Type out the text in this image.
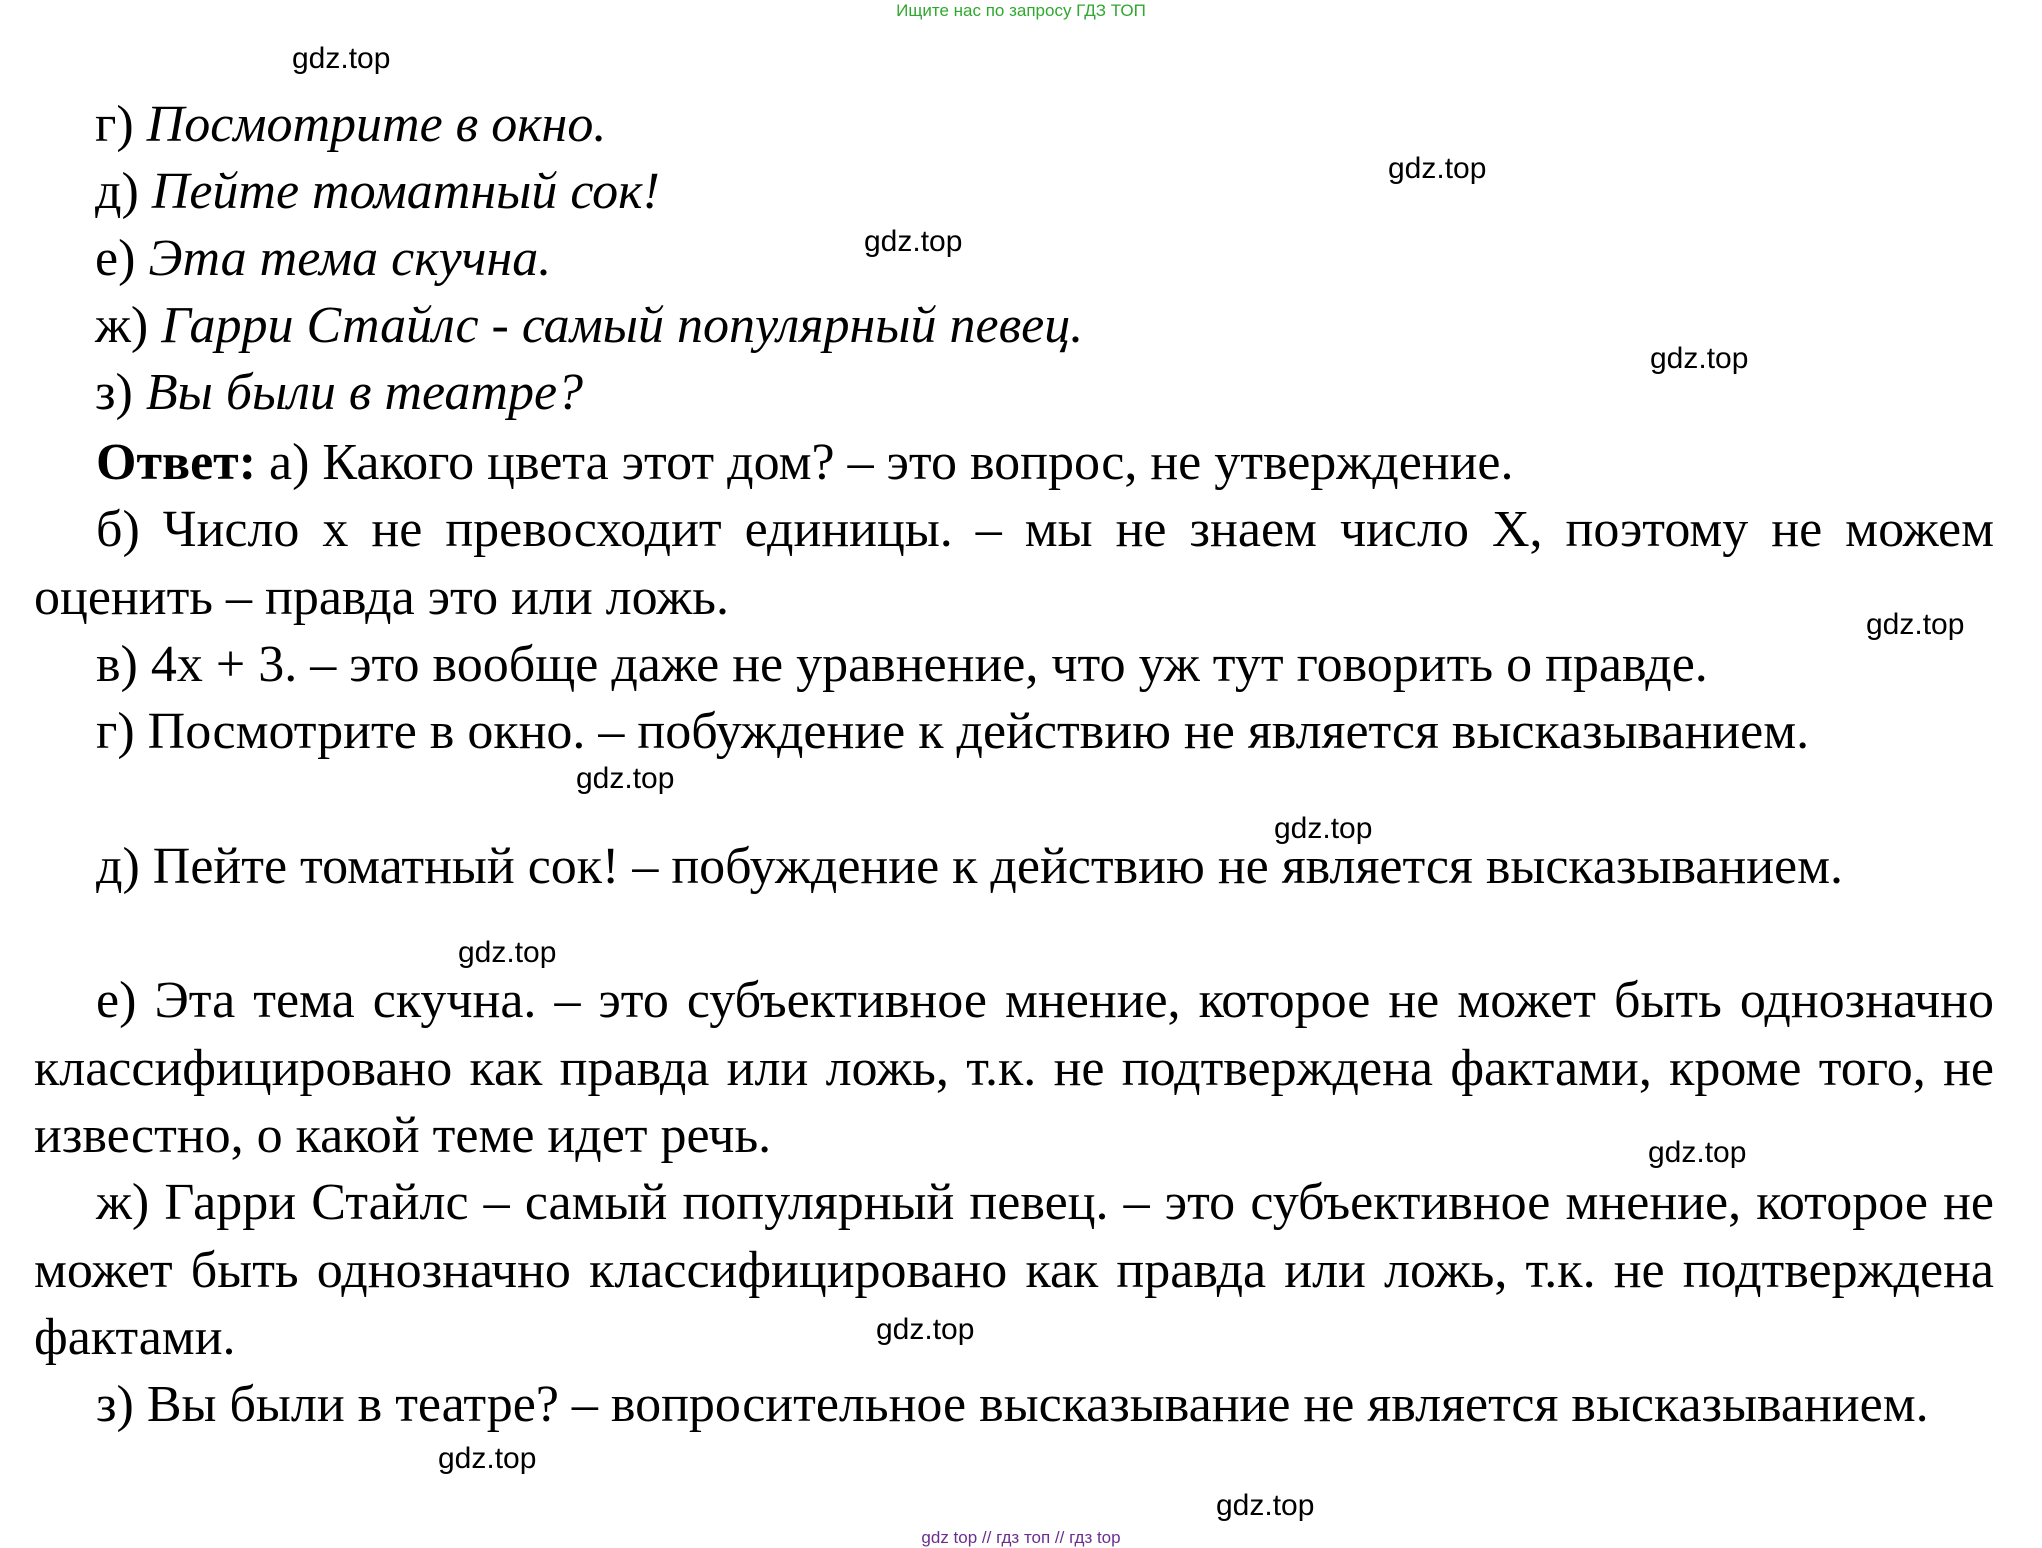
Ищите нас по запросу ГДЗ ТОП
г) Посмотрите в окно.
д) Пейте томатный сок!
е) Эта тема скучна.
ж) Гарри Стайлс - самый популярный певец.
з) Вы были в театре?
Ответ: а) Какого цвета этот дом? – это вопрос, не утверждение.
б) Число x не превосходит единицы. – мы не знаем число X, поэтому не можем оценить – правда это или ложь.
в) 4x + 3. – это вообще даже не уравнение, что уж тут говорить о правде.
г) Посмотрите в окно. – побуждение к действию не является высказыванием.
д) Пейте томатный сок! – побуждение к действию не является высказыванием.
е) Эта тема скучна. – это субъективное мнение, которое не может быть однозначно классифицировано как правда или ложь, т.к. не подтверждена фактами, кроме того, не известно, о какой теме идет речь.
ж) Гарри Стайлс – самый популярный певец. – это субъективное мнение, которое не может быть однозначно классифицировано как правда или ложь, т.к. не подтверждена фактами.
з) Вы были в театре? – вопросительное высказывание не является высказыванием.
gdz.top
gdz.top
gdz.top
gdz.top
gdz.top
gdz.top
gdz.top
gdz.top
gdz.top
gdz.top
gdz.top
gdz.top
gdz top // гдз топ // гдз top
